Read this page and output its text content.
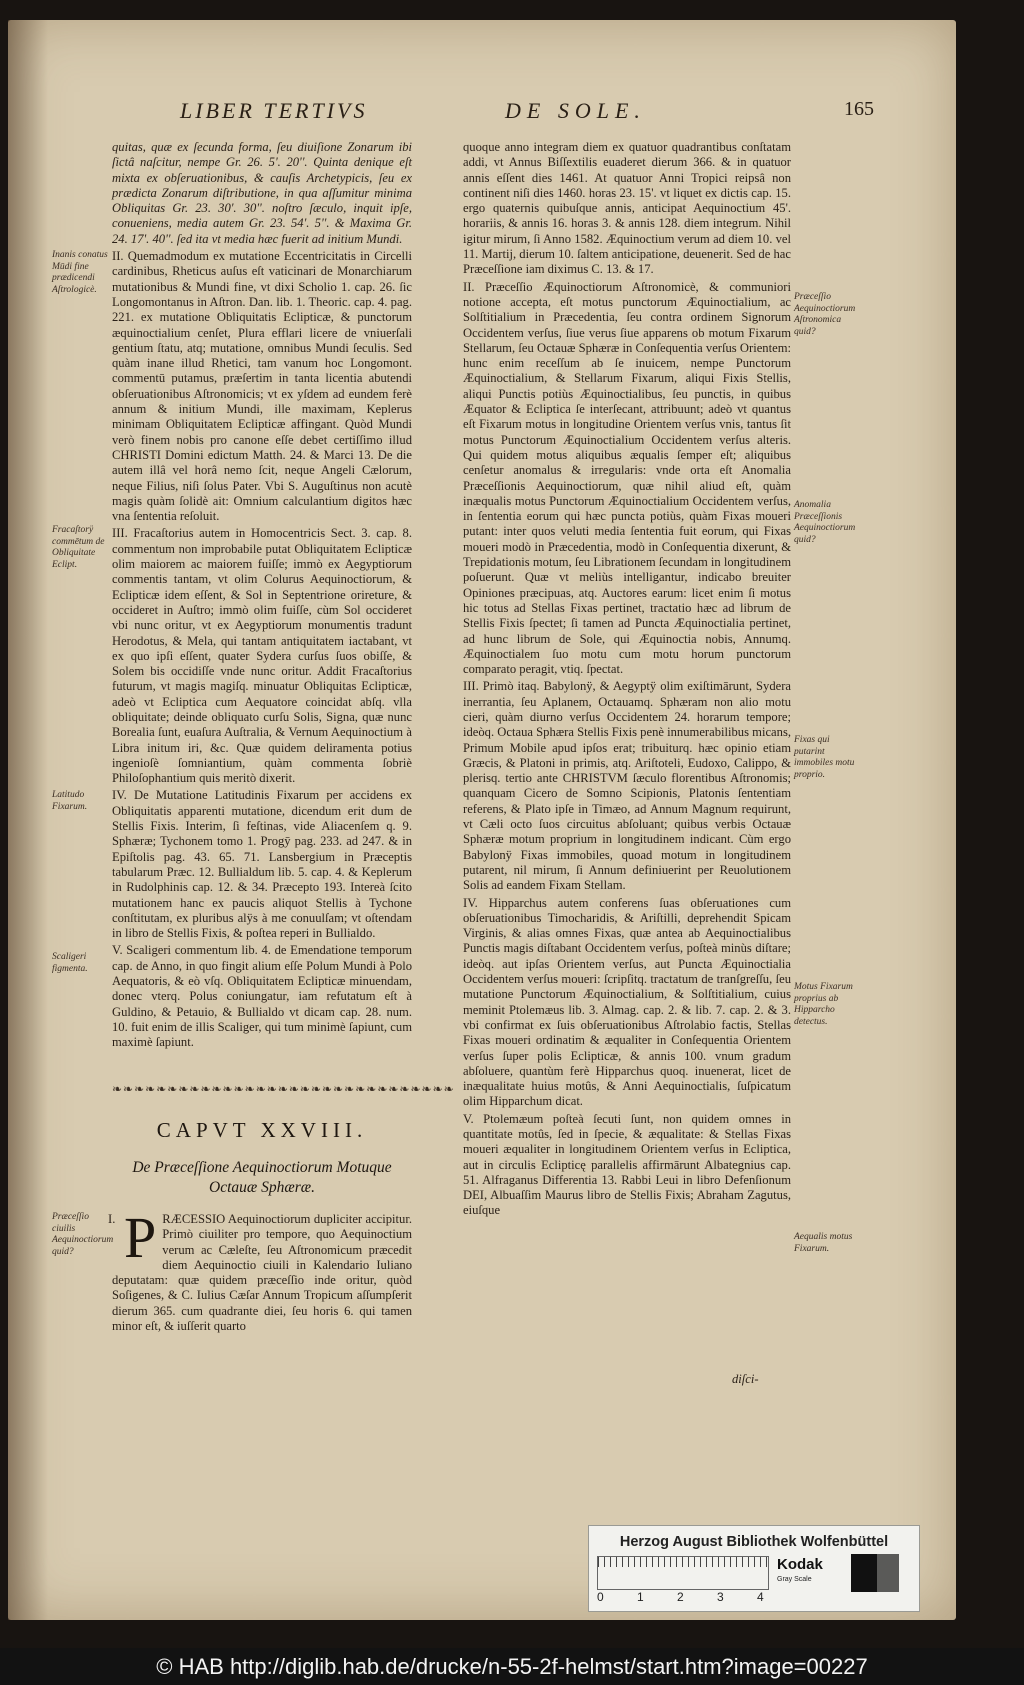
LIBER TERTIVS	DE SOLE.	165

quitas, quæ ex ſecunda forma, ſeu diuiſione Zonarum ibi ſictâ naſcitur, nempe Gr. 26. 5'. 20''. Quinta denique eſt mixta ex obſeruationibus, & cauſis Archetypicis, ſeu ex prædicta Zonarum diſtributione, in qua aſſumitur minima Obliquitas Gr. 23. 30'. 30''. noſtro ſæculo, inquit ipſe, conueniens, media autem Gr. 23. 54'. 5''. & Maxima Gr. 24. 17'. 40''. ſed ita vt media hæc fuerit ad initium Mundi.

II. Quemadmodum ex mutatione Eccentricitatis in Circelli cardinibus, Rheticus auſus eſt vaticinari de Monarchiarum mutationibus & Mundi fine, vt dixi Scholio 1. cap. 26. ſic Longomontanus in Aſtron. Dan. lib. 1. Theoric. cap. 4. pag. 221. ex mutatione Obliquitatis Eclipticæ, & punctorum æquinoctialium cenſet, Plura efflari licere de vniuerſali gentium ſtatu, atq; mutatione, omnibus Mundi ſeculis. Sed quàm inane illud Rhetici, tam vanum hoc Longomont. commentū putamus, præſertim in tanta licentia abutendi obſeruationibus Aſtronomicis; vt ex yſdem ad eundem ferè annum & initium Mundi, ille maximam, Keplerus minimam Obliquitatem Eclipticæ affingant. Quòd Mundi verò finem nobis pro canone eſſe debet certiſſimo illud CHRISTI Domini edictum Matth. 24. & Marci 13. De die autem illâ vel horâ nemo ſcit, neque Angeli Cælorum, neque Filius, niſi ſolus Pater. Vbi S. Auguſtinus non acutè magis quàm ſolidè ait: Omnium calculantium digitos hæc vna ſententia reſoluit.

III. Fracaſtorius autem in Homocentricis Sect. 3. cap. 8. commentum non improbabile putat Obliquitatem Eclipticæ olim maiorem ac maiorem fuiſſe; immò ex Aegyptiorum commentis tantam, vt olim Colurus Aequinoctiorum, & Eclipticæ idem eſſent, & Sol in Septentrione orireture, & occideret in Auſtro; immò olim fuiſſe, cùm Sol occideret vbi nunc oritur, vt ex Aegyptiorum monumentis tradunt Herodotus, & Mela, qui tantam antiquitatem iactabant, vt ex quo ipſi eſſent, quater Sydera curſus ſuos obiſſe, & Solem bis occidiſſe vnde nunc oritur. Addit Fracaſtorius futurum, vt magis magiſq. minuatur Obliquitas Eclipticæ, adeò vt Ecliptica cum Aequatore coincidat abſq. vlla obliquitate; deinde obliquato curſu Solis, Signa, quæ nunc Borealia ſunt, euaſura Auſtralia, & Vernum Aequinoctium à Libra initum iri, &c. Quæ quidem deliramenta potius ingenioſè ſomniantium, quàm commenta ſobriè Philoſophantium quis meritò dixerit.

IV. De Mutatione Latitudinis Fixarum per accidens ex Obliquitatis apparenti mutatione, dicendum erit dum de Stellis Fixis. Interim, ſi feſtinas, vide Aliacenſem q. 9. Sphæræ; Tychonem tomo 1. Progȳ pag. 233. ad 247. & in Epiſtolis pag. 43. 65. 71. Lansbergium in Præceptis tabularum Præc. 12. Bullialdum lib. 5. cap. 4. & Keplerum in Rudolphinis cap. 12. & 34. Præcepto 193. Intereà ſcito mutationem hanc ex paucis aliquot Stellis à Tychone conſtitutam, ex pluribus alÿs à me conuulſam; vt oſtendam in libro de Stellis Fixis, & poſtea reperi in Bullialdo.

V. Scaligeri commentum lib. 4. de Emendatione temporum cap. de Anno, in quo fingit alium eſſe Polum Mundi à Polo Aequatoris, & eò vſq. Obliquitatem Eclipticæ minuendam, donec vterq. Polus coniungatur, iam refutatum eſt à Guldino, & Petauio, & Bullialdo vt dicam cap. 28. num. 10. fuit enim de illis Scaliger, qui tum minimè ſapiunt, cum maximè ſapiunt.

Inanis conatus Mūdi fine prædicendi Aſtrologicè.
Fracaſtorÿ commētum de Obliquitate Eclipt.
Latitudo Fixarum.
Scaligeri figmenta.
❧❧❧❧❧❧❧❧❧❧❧❧❧❧❧❧❧❧❧❧❧❧❧❧❧❧❧❧❧❧❧
CAPVT XXVIII.
De Præceſſione Aequinoctiorum Motuque Octauæ Sphæræ.
Præceſſio ciuilis Aequinoctiorum quid?
I. P RÆCESSIO Aequinoctiorum dupliciter accipitur. Primò ciuiliter pro tempore, quo Aequinoctium verum ac Cæleſte, ſeu Aſtronomicum præcedit diem Aequinoctio ciuili in Kalendario Iuliano deputatam: quæ quidem præceſſio inde oritur, quòd Soſigenes, & C. Iulius Cæſar Annum Tropicum aſſumpſerit dierum 365. cum quadrante diei, ſeu horis 6. qui tamen minor eſt, & iuſſerit quarto

quoque anno integram diem ex quatuor quadrantibus conſtatam addi, vt Annus Biſſextilis euaderet dierum 366. & in quatuor annis eſſent dies 1461. At quatuor Anni Tropici reipsâ non continent niſi dies 1460. horas 23. 15'. vt liquet ex dictis cap. 15. ergo quaternis quibuſque annis, anticipat Aequinoctium 45'. horariis, & annis 16. horas 3. & annis 128. diem integrum. Nihil igitur mirum, ſi Anno 1582. Æquinoctium verum ad diem 10. vel 11. Martij, dierum 10. ſaltem anticipatione, deuenerit. Sed de hac Præceſſione iam diximus C. 13. & 17.

II. Præceſſio Æquinoctiorum Aſtronomicè, & communiori notione accepta, eſt motus punctorum Æquinoctialium, ac Solſtitialium in Præcedentia, ſeu contra ordinem Signorum Occidentem verſus, ſiue verus ſiue apparens ob motum Fixarum Stellarum, ſeu Octauæ Sphæræ in Conſequentia verſus Orientem: hunc enim receſſum ab ſe inuicem, nempe Punctorum Æquinoctialium, & Stellarum Fixarum, aliqui Fixis Stellis, aliqui Punctis potiùs Æquinoctialibus, ſeu punctis, in quibus Æquator & Ecliptica ſe interſecant, attribuunt; adeò vt quantus eſt Fixarum motus in longitudine Orientem verſus vnis, tantus ſit motus Punctorum Æquinoctialium Occidentem verſus alteris. Qui quidem motus aliquibus æqualis ſemper eſt; aliquibus cenſetur anomalus & irregularis: vnde orta eſt Anomalia Præceſſionis Aequinoctiorum, quæ nihil aliud eſt, quàm inæqualis motus Punctorum Æquinoctialium Occidentem verſus, in ſententia eorum qui hæc puncta potiùs, quàm Fixas moueri putant: inter quos veluti media ſententia fuit eorum, qui Fixas moueri modò in Præcedentia, modò in Conſequentia dixerunt, & Trepidationis motum, ſeu Librationem ſecundam in longitudinem poſuerunt. Quæ vt meliùs intelligantur, indicabo breuiter Opiniones præcipuas, atq. Auctores earum: licet enim ſi motus hic totus ad Stellas Fixas pertinet, tractatio hæc ad librum de Stellis Fixis ſpectet; ſi tamen ad Puncta Æquinoctialia pertinet, ad hunc librum de Sole, qui Æquinoctia nobis, Annumq. Æquinoctialem ſuo motu cum motu horum punctorum comparato peragit, vtiq. ſpectat.

III. Primò itaq. Babylonÿ, & Aegyptÿ olim exiſtimārunt, Sydera inerrantia, ſeu Aplanem, Octauamq. Sphæram non alio motu cieri, quàm diurno verſus Occidentem 24. horarum tempore; ideòq. Octaua Sphæra Stellis Fixis penè innumerabilibus micans, Primum Mobile apud ipſos erat; tribuiturq. hæc opinio etiam Græcis, & Platoni in primis, atq. Ariſtoteli, Eudoxo, Calippo, & plerisq. tertio ante CHRISTVM ſæculo florentibus Aſtronomis; quanquam Cicero de Somno Scipionis, Platonis ſententiam referens, & Plato ipſe in Timæo, ad Annum Magnum requirunt, vt Cæli octo ſuos circuitus abſoluant; quibus verbis Octauæ Sphæræ motum proprium in longitudinem indicant. Cùm ergo Babylonÿ Fixas immobiles, quoad motum in longitudinem putarent, nil mirum, ſi Annum definiuerint per Reuolutionem Solis ad eandem Fixam Stellam.

IV. Hipparchus autem conferens ſuas obſeruationes cum obſeruationibus Timocharidis, & Ariſtilli, deprehendit Spicam Virginis, & alias omnes Fixas, quæ antea ab Aequinoctialibus Punctis magis diſtabant Occidentem verſus, poſteà minùs diſtare; ideòq. aut ipſas Orientem verſus, aut Puncta Æquinoctialia Occidentem verſus moueri: ſcripſitq. tractatum de tranſgreſſu, ſeu mutatione Punctorum Æquinoctialium, & Solſtitialium, cuius meminit Ptolemæus lib. 3. Almag. cap. 2. & lib. 7. cap. 2. & 3. vbi confirmat ex ſuis obſeruationibus Aſtrolabio factis, Stellas Fixas moueri ordinatim & æqualiter in Conſequentia Orientem verſus ſuper polis Eclipticæ, & annis 100. vnum gradum abſoluere, quantùm ferè Hipparchus quoq. inuenerat, licet de inæqualitate huius motûs, & Anni Aequinoctialis, ſuſpicatum olim Hipparchum dicat.

V. Ptolemæum poſteà ſecuti ſunt, non quidem omnes in quantitate motûs, ſed in ſpecie, & æqualitate: & Stellas Fixas moueri æqualiter in longitudinem Orientem verſus in Ecliptica, aut in circulis Eclipticę parallelis affirmārunt Albategnius cap. 51. Alfraganus Differentia 13. Rabbi Leui in libro Defenſionum DEI, Albuaſſim Maurus libro de Stellis Fixis; Abraham Zagutus, eiuſque

diſci-
Præceſſio Aequinoctiorum Aſtronomica quid?
Anomalia Præceſſionis Aequinoctiorum quid?
Fixas qui putarint immobiles motu proprio.
Motus Fixarum proprius ab Hipparcho detectus.
Aequalis motus Fixarum.
Herzog August Bibliothek Wolfenbüttel
0	1	2	3	4
Kodak
Gray Scale
© HAB http://diglib.hab.de/drucke/n-55-2f-helmst/start.htm?image=00227
